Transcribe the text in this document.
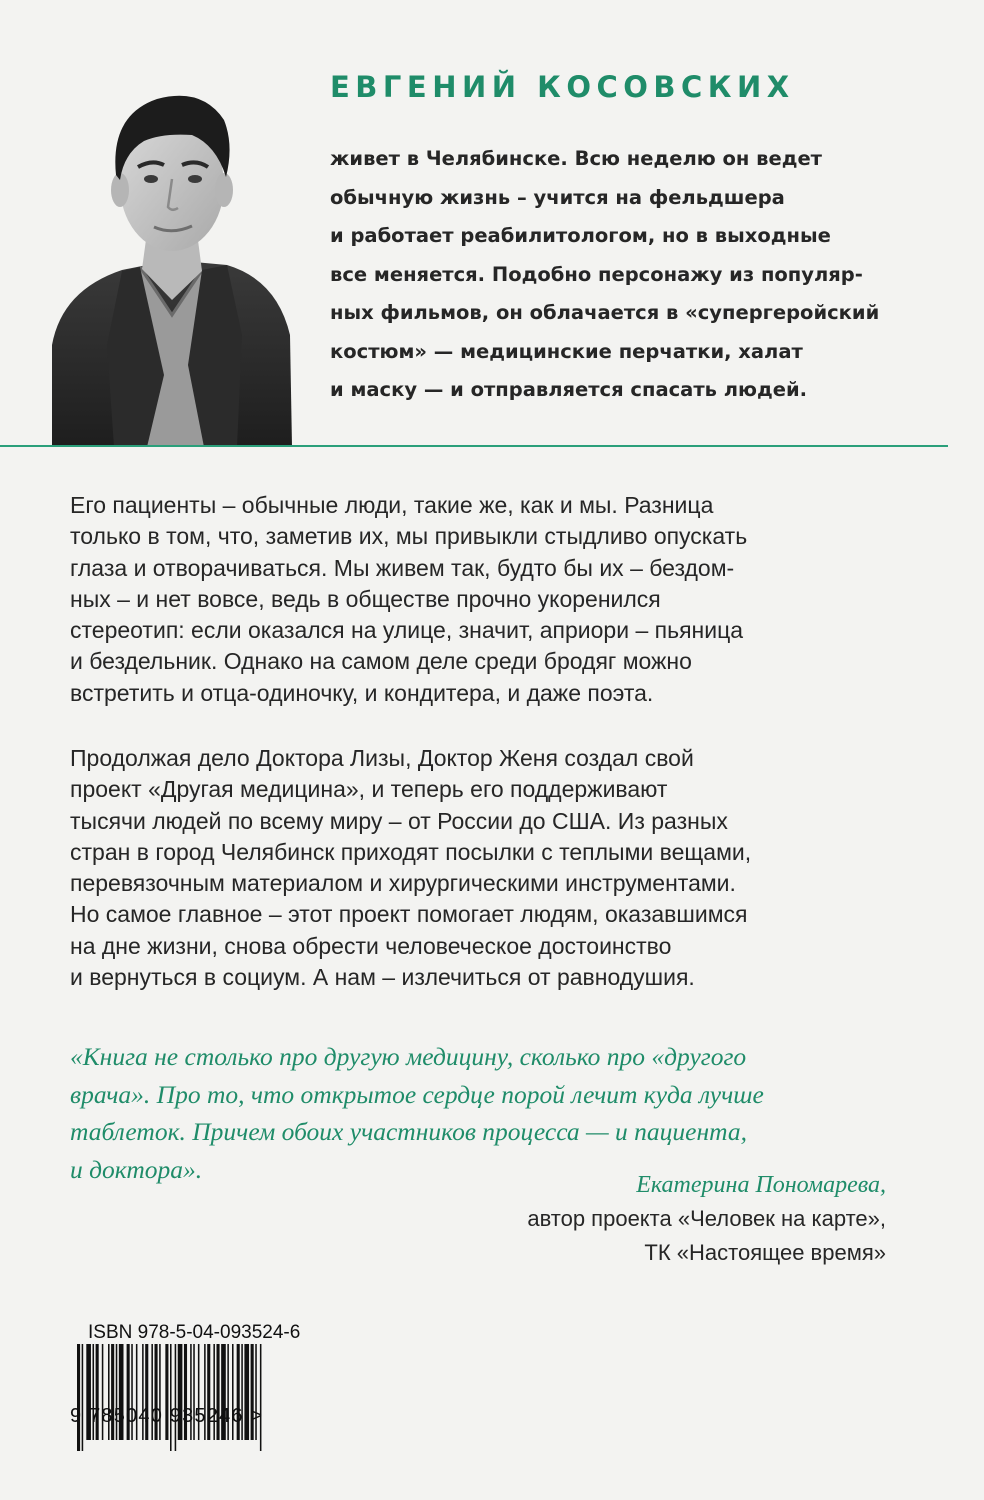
ЕВГЕНИЙ КОСОВСКИХ
живет в Челябинске. Всю неделю он ведет
обычную жизнь – учится на фельдшера
и работает реабилитологом, но в выходные
все меняется. Подобно персонажу из популяр-
ных фильмов, он облачается в «супергеройский
костюм» — медицинские перчатки, халат
и маску — и отправляется спасать людей.
Его пациенты – обычные люди, такие же, как и мы. Разница
только в том, что, заметив их, мы привыкли стыдливо опускать
глаза и отворачиваться. Мы живем так, будто бы их – бездом-
ных – и нет вовсе, ведь в обществе прочно укоренился
стереотип: если оказался на улице, значит, априори – пьяница
и бездельник. Однако на самом деле среди бродяг можно
встретить и отца-одиночку, и кондитера, и даже поэта.
Продолжая дело Доктора Лизы, Доктор Женя создал свой
проект «Другая медицина», и теперь его поддерживают
тысячи людей по всему миру – от России до США. Из разных
стран в город Челябинск приходят посылки с теплыми вещами,
перевязочным материалом и хирургическими инструментами.
Но самое главное – этот проект помогает людям, оказавшимся
на дне жизни, снова обрести человеческое достоинство
и вернуться в социум. А нам – излечиться от равнодушия.
«Книга не столько про другую медицину, сколько про «другого
врача». Про то, что открытое сердце порой лечит куда лучше
таблеток. Причем обоих участников процесса — и пациента,
и доктора».
Екатерина Пономарева,
автор проекта «Человек на карте»,
ТК «Настоящее время»
ISBN 978-5-04-093524-6
9 785040 935246 >
